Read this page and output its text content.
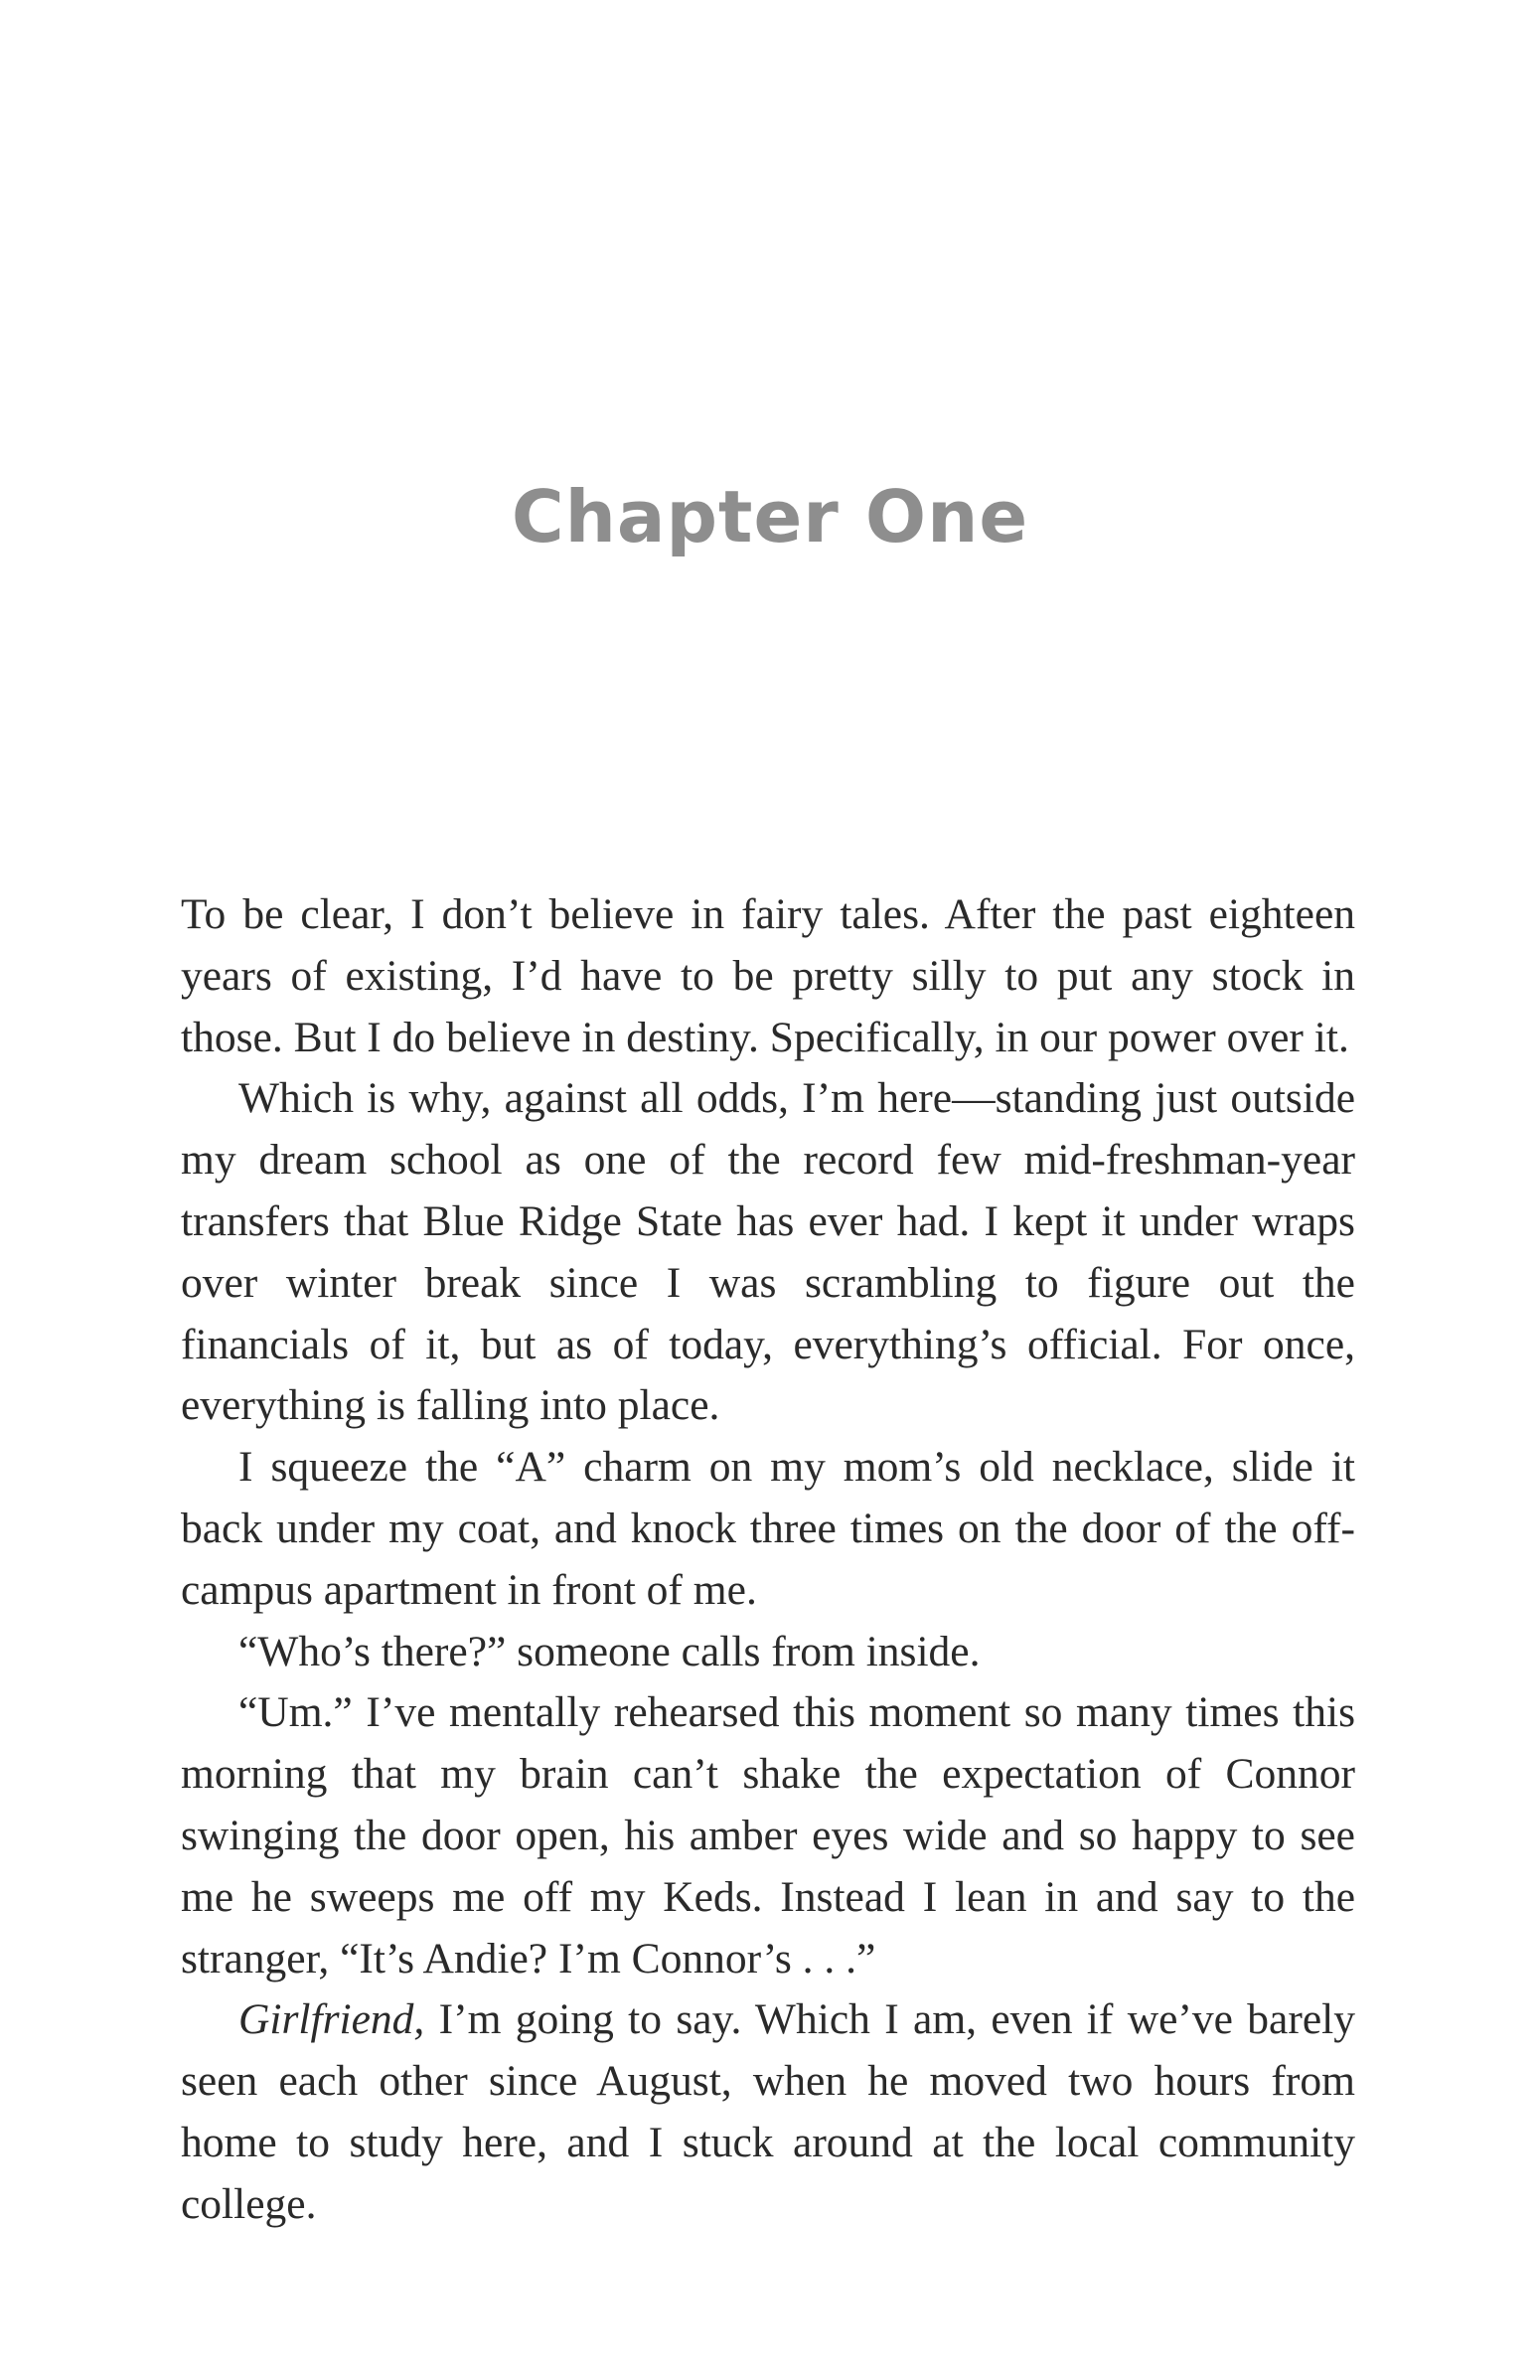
Chapter One

To be clear, I don’t believe in fairy tales. After the past eighteen years of existing, I’d have to be pretty silly to put any stock in those. But I do believe in destiny. Specifically, in our power over it.

Which is why, against all odds, I’m here—standing just outside my dream school as one of the record few mid-freshman-year transfers that Blue Ridge State has ever had. I kept it under wraps over winter break since I was scrambling to figure out the financials of it, but as of today, everything’s official. For once, everything is falling into place.

I squeeze the “A” charm on my mom’s old necklace, slide it back under my coat, and knock three times on the door of the off-campus apartment in front of me.

“Who’s there?” someone calls from inside.

“Um.” I’ve mentally rehearsed this moment so many times this morning that my brain can’t shake the expectation of Connor swinging the door open, his amber eyes wide and so happy to see me he sweeps me off my Keds. Instead I lean in and say to the stranger, “It’s Andie? I’m Connor’s . . .”

Girlfriend, I’m going to say. Which I am, even if we’ve barely seen each other since August, when he moved two hours from home to study here, and I stuck around at the local community college.
